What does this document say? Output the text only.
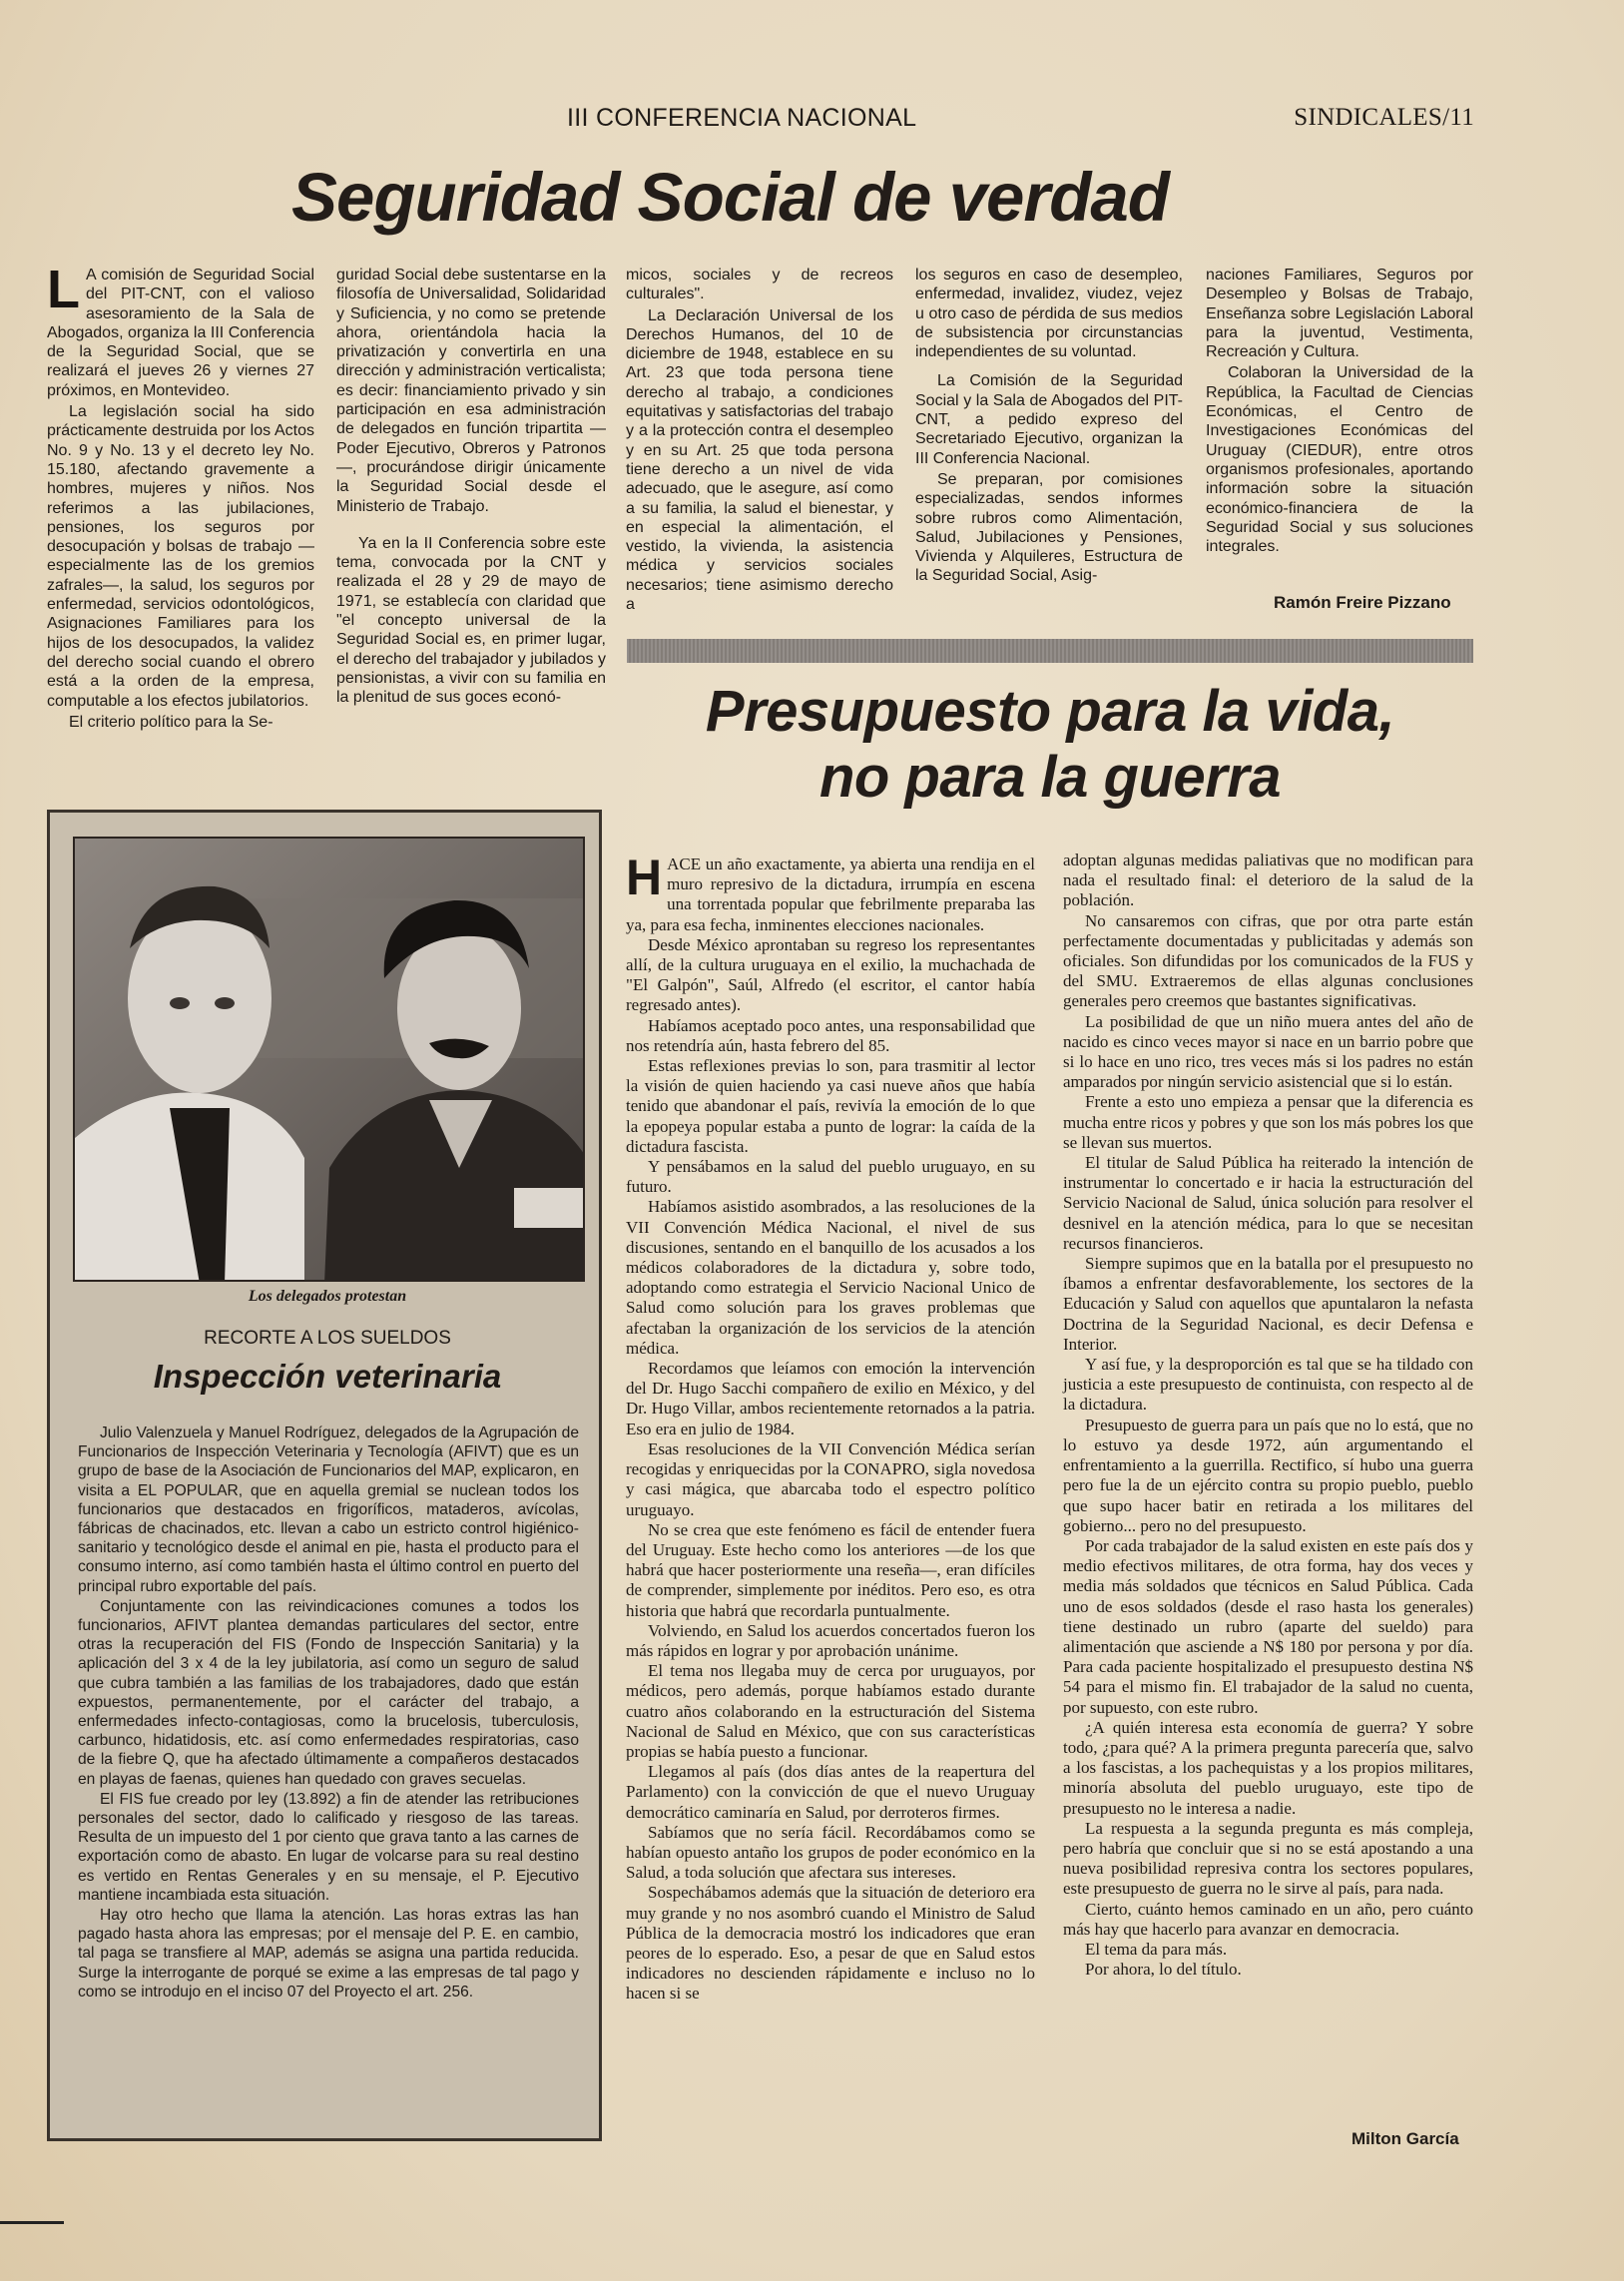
III CONFERENCIA NACIONAL	SINDICALES/11
Seguridad Social de verdad
L A comisión de Seguridad Social del PIT-CNT, con el valioso asesoramiento de la Sala de Abogados, organiza la III Conferencia de la Seguridad Social, que se realizará el jueves 26 y viernes 27 próximos, en Montevideo.

La legislación social ha sido prácticamente destruida por los Actos No. 9 y No. 13 y el decreto ley No. 15.180, afectando gravemente a hombres, mujeres y niños. Nos referimos a las jubilaciones, pensiones, los seguros por desocupación y bolsas de trabajo —especialmente las de los gremios zafrales—, la salud, los seguros por enfermedad, servicios odontológicos, Asignaciones Familiares para los hijos de los desocupados, la validez del derecho social cuando el obrero está a la orden de la empresa, computable a los efectos jubilatorios.

El criterio político para la Se-

guridad Social debe sustentarse en la filosofía de Universalidad, Solidaridad y Suficiencia, y no como se pretende ahora, orientándola hacia la privatización y convertirla en una dirección y administración verticalista; es decir: financiamiento privado y sin participación en esa administración de delegados en función tripartita —Poder Ejecutivo, Obreros y Patronos—, procurándose dirigir únicamente la Seguridad Social desde el Ministerio de Trabajo.

Ya en la II Conferencia sobre este tema, convocada por la CNT y realizada el 28 y 29 de mayo de 1971, se establecía con claridad que "el concepto universal de la Seguridad Social es, en primer lugar, el derecho del trabajador y jubilados y pensionistas, a vivir con su familia en la plenitud de sus goces econó-

micos, sociales y de recreos culturales".

La Declaración Universal de los Derechos Humanos, del 10 de diciembre de 1948, establece en su Art. 23 que toda persona tiene derecho al trabajo, a condiciones equitativas y satisfactorias del trabajo y a la protección contra el desempleo y en su Art. 25 que toda persona tiene derecho a un nivel de vida adecuado, que le asegure, así como a su familia, la salud el bienestar, y en especial la alimentación, el vestido, la vivienda, la asistencia médica y servicios sociales necesarios; tiene asimismo derecho a

los seguros en caso de desempleo, enfermedad, invalidez, viudez, vejez u otro caso de pérdida de sus medios de subsistencia por circunstancias independientes de su voluntad.

La Comisión de la Seguridad Social y la Sala de Abogados del PIT-CNT, a pedido expreso del Secretariado Ejecutivo, organizan la III Conferencia Nacional.

Se preparan, por comisiones especializadas, sendos informes sobre rubros como Alimentación, Salud, Jubilaciones y Pensiones, Vivienda y Alquileres, Estructura de la Seguridad Social, Asig-

naciones Familiares, Seguros por Desempleo y Bolsas de Trabajo, Enseñanza sobre Legislación Laboral para la juventud, Vestimenta, Recreación y Cultura.

Colaboran la Universidad de la República, la Facultad de Ciencias Económicas, el Centro de Investigaciones Económicas del Uruguay (CIEDUR), entre otros organismos profesionales, aportando información sobre la situación económico-financiera de la Seguridad Social y sus soluciones integrales.

Ramón Freire Pizzano
Presupuesto para la vida,
no para la guerra
Los delegados protestan
RECORTE A LOS SUELDOS
Inspección veterinaria

Julio Valenzuela y Manuel Rodríguez, delegados de la Agrupación de Funcionarios de Inspección Veterinaria y Tecnología (AFIVT) que es un grupo de base de la Asociación de Funcionarios del MAP, explicaron, en visita a EL POPULAR, que en aquella gremial se nuclean todos los funcionarios que destacados en frigoríficos, mataderos, avícolas, fábricas de chacinados, etc. llevan a cabo un estricto control higiénico-sanitario y tecnológico desde el animal en pie, hasta el producto para el consumo interno, así como también hasta el último control en puerto del principal rubro exportable del país.

Conjuntamente con las reivindicaciones comunes a todos los funcionarios, AFIVT plantea demandas particulares del sector, entre otras la recuperación del FIS (Fondo de Inspección Sanitaria) y la aplicación del 3 x 4 de la ley jubilatoria, así como un seguro de salud que cubra también a las familias de los trabajadores, dado que están expuestos, permanentemente, por el carácter del trabajo, a enfermedades infecto-contagiosas, como la brucelosis, tuberculosis, carbunco, hidatidosis, etc. así como enfermedades respiratorias, caso de la fiebre Q, que ha afectado últimamente a compañeros destacados en playas de faenas, quienes han quedado con graves secuelas.

El FIS fue creado por ley (13.892) a fin de atender las retribuciones personales del sector, dado lo calificado y riesgoso de las tareas. Resulta de un impuesto del 1 por ciento que grava tanto a las carnes de exportación como de abasto. En lugar de volcarse para su real destino es vertido en Rentas Generales y en su mensaje, el P. Ejecutivo mantiene incambiada esta situación.

Hay otro hecho que llama la atención. Las horas extras las han pagado hasta ahora las empresas; por el mensaje del P. E. en cambio, tal paga se transfiere al MAP, además se asigna una partida reducida. Surge la interrogante de porqué se exime a las empresas de tal pago y como se introdujo en el inciso 07 del Proyecto el art. 256.

H ACE un año exactamente, ya abierta una rendija en el muro represivo de la dictadura, irrumpía en escena una torrentada popular que febrilmente preparaba las ya, para esa fecha, inminentes elecciones nacionales.

Desde México aprontaban su regreso los representantes allí, de la cultura uruguaya en el exilio, la muchachada de "El Galpón", Saúl, Alfredo (el escritor, el cantor había regresado antes).

Habíamos aceptado poco antes, una responsabilidad que nos retendría aún, hasta febrero del 85.

Estas reflexiones previas lo son, para trasmitir al lector la visión de quien haciendo ya casi nueve años que había tenido que abandonar el país, revivía la emoción de lo que la epopeya popular estaba a punto de lograr: la caída de la dictadura fascista.

Y pensábamos en la salud del pueblo uruguayo, en su futuro.

Habíamos asistido asombrados, a las resoluciones de la VII Convención Médica Nacional, el nivel de sus discusiones, sentando en el banquillo de los acusados a los médicos colaboradores de la dictadura y, sobre todo, adoptando como estrategia el Servicio Nacional Unico de Salud como solución para los graves problemas que afectaban la organización de los servicios de la atención médica.

Recordamos que leíamos con emoción la intervención del Dr. Hugo Sacchi compañero de exilio en México, y del Dr. Hugo Villar, ambos recientemente retornados a la patria. Eso era en julio de 1984.

Esas resoluciones de la VII Convención Médica serían recogidas y enriquecidas por la CONAPRO, sigla novedosa y casi mágica, que abarcaba todo el espectro político uruguayo.

No se crea que este fenómeno es fácil de entender fuera del Uruguay. Este hecho como los anteriores —de los que habrá que hacer posteriormente una reseña—, eran difíciles de comprender, simplemente por inéditos. Pero eso, es otra historia que habrá que recordarla puntualmente.

Volviendo, en Salud los acuerdos concertados fueron los más rápidos en lograr y por aprobación unánime.

El tema nos llegaba muy de cerca por uruguayos, por médicos, pero además, porque habíamos estado durante cuatro años colaborando en la estructuración del Sistema Nacional de Salud en México, que con sus características propias se había puesto a funcionar.

Llegamos al país (dos días antes de la reapertura del Parlamento) con la convicción de que el nuevo Uruguay democrático caminaría en Salud, por derroteros firmes.

Sabíamos que no sería fácil. Recordábamos como se habían opuesto antaño los grupos de poder económico en la Salud, a toda solución que afectara sus intereses.

Sospechábamos además que la situación de deterioro era muy grande y no nos asombró cuando el Ministro de Salud Pública de la democracia mostró los indicadores que eran peores de lo esperado. Eso, a pesar de que en Salud estos indicadores no descienden rápidamente e incluso no lo hacen si se

adoptan algunas medidas paliativas que no modifican para nada el resultado final: el deterioro de la salud de la población.

No cansaremos con cifras, que por otra parte están perfectamente documentadas y publicitadas y además son oficiales. Son difundidas por los comunicados de la FUS y del SMU. Extraeremos de ellas algunas conclusiones generales pero creemos que bastantes significativas.

La posibilidad de que un niño muera antes del año de nacido es cinco veces mayor si nace en un barrio pobre que si lo hace en uno rico, tres veces más si los padres no están amparados por ningún servicio asistencial que si lo están.

Frente a esto uno empieza a pensar que la diferencia es mucha entre ricos y pobres y que son los más pobres los que se llevan sus muertos.

El titular de Salud Pública ha reiterado la intención de instrumentar lo concertado e ir hacia la estructuración del Servicio Nacional de Salud, única solución para resolver el desnivel en la atención médica, para lo que se necesitan recursos financieros.

Siempre supimos que en la batalla por el presupuesto no íbamos a enfrentar desfavorablemente, los sectores de la Educación y Salud con aquellos que apuntalaron la nefasta Doctrina de la Seguridad Nacional, es decir Defensa e Interior.

Y así fue, y la desproporción es tal que se ha tildado con justicia a este presupuesto de continuista, con respecto al de la dictadura.

Presupuesto de guerra para un país que no lo está, que no lo estuvo ya desde 1972, aún argumentando el enfrentamiento a la guerrilla. Rectifico, sí hubo una guerra pero fue la de un ejército contra su propio pueblo, pueblo que supo hacer batir en retirada a los militares del gobierno... pero no del presupuesto.

Por cada trabajador de la salud existen en este país dos y medio efectivos militares, de otra forma, hay dos veces y media más soldados que técnicos en Salud Pública. Cada uno de esos soldados (desde el raso hasta los generales) tiene destinado un rubro (aparte del sueldo) para alimentación que asciende a N$ 180 por persona y por día. Para cada paciente hospitalizado el presupuesto destina N$ 54 para el mismo fin. El trabajador de la salud no cuenta, por supuesto, con este rubro.

¿A quién interesa esta economía de guerra? Y sobre todo, ¿para qué? A la primera pregunta parecería que, salvo a los fascistas, a los pachequistas y a los propios militares, minoría absoluta del pueblo uruguayo, este tipo de presupuesto no le interesa a nadie.

La respuesta a la segunda pregunta es más compleja, pero habría que concluir que si no se está apostando a una nueva posibilidad represiva contra los sectores populares, este presupuesto de guerra no le sirve al país, para nada.

Cierto, cuánto hemos caminado en un año, pero cuánto más hay que hacerlo para avanzar en democracia.

El tema da para más.

Por ahora, lo del título.

Milton García
